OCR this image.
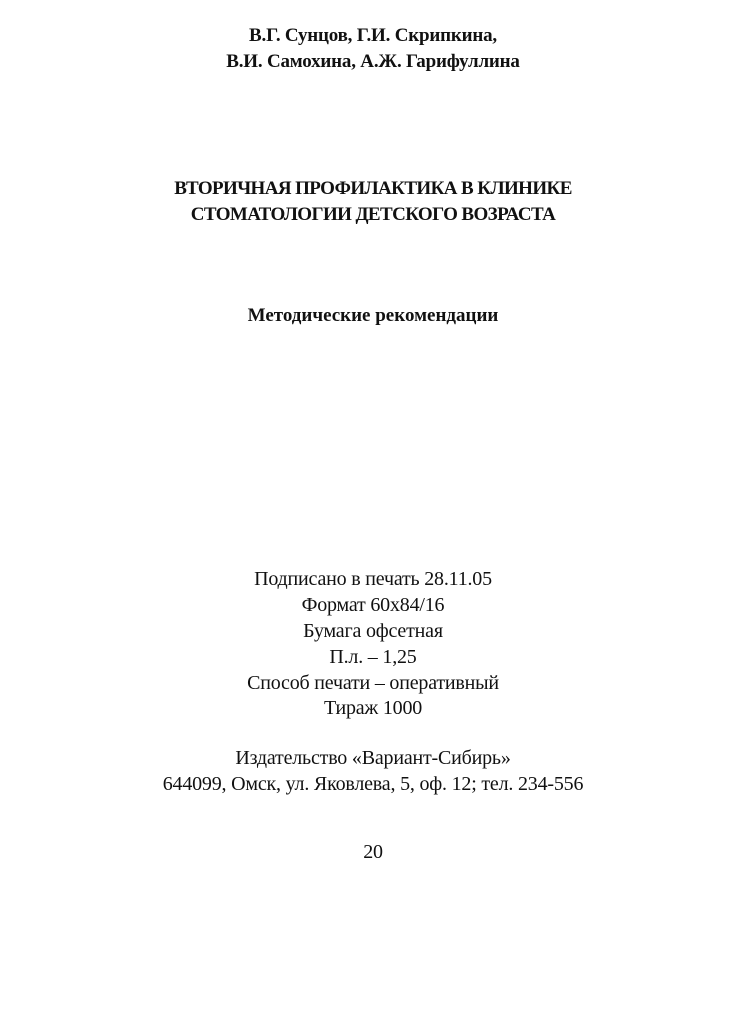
В.Г. Сунцов, Г.И. Скрипкина,
В.И. Самохина, А.Ж. Гарифуллина
ВТОРИЧНАЯ ПРОФИЛАКТИКА В КЛИНИКЕ
СТОМАТОЛОГИИ ДЕТСКОГО ВОЗРАСТА
Методические рекомендации
Подписано в печать 28.11.05
Формат 60х84/16
Бумага офсетная
П.л. – 1,25
Способ печати – оперативный
Тираж 1000
Издательство «Вариант-Сибирь»
644099, Омск, ул. Яковлева, 5, оф. 12; тел. 234-556
20
